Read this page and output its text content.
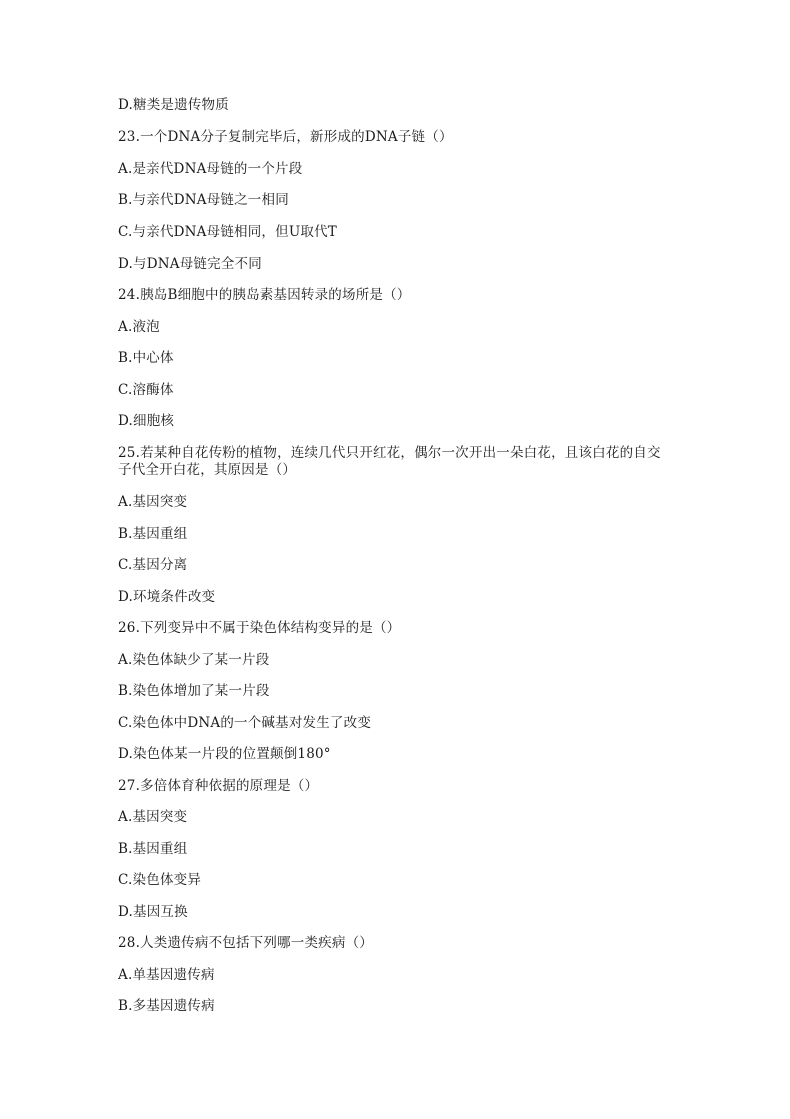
D.糖类是遗传物质
23.一个DNA分子复制完毕后，新形成的DNA子链（）
A.是亲代DNA母链的一个片段
B.与亲代DNA母链之一相同
C.与亲代DNA母链相同，但U取代T
D.与DNA母链完全不同
24.胰岛B细胞中的胰岛素基因转录的场所是（）
A.液泡
B.中心体
C.溶酶体
D.细胞核
25.若某种自花传粉的植物，连续几代只开红花，偶尔一次开出一朵白花，且该白花的自交子代全开白花，其原因是（）
A.基因突变
B.基因重组
C.基因分离
D.环境条件改变
26.下列变异中不属于染色体结构变异的是（）
A.染色体缺少了某一片段
B.染色体增加了某一片段
C.染色体中DNA的一个碱基对发生了改变
D.染色体某一片段的位置颠倒180°
27.多倍体育种依据的原理是（）
A.基因突变
B.基因重组
C.染色体变异
D.基因互换
28.人类遗传病不包括下列哪一类疾病（）
A.单基因遗传病
B.多基因遗传病
